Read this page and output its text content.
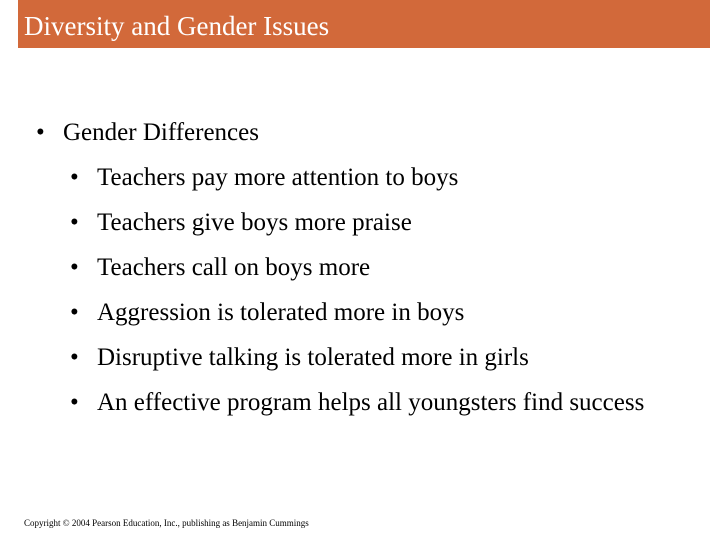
Diversity and Gender Issues
• Gender Differences
• Teachers pay more attention to boys
• Teachers give boys more praise
• Teachers call on boys more
• Aggression is tolerated more in boys
• Disruptive talking is tolerated more in girls
• An effective program helps all youngsters find success
Copyright © 2004 Pearson Education, Inc., publishing as Benjamin Cummings
